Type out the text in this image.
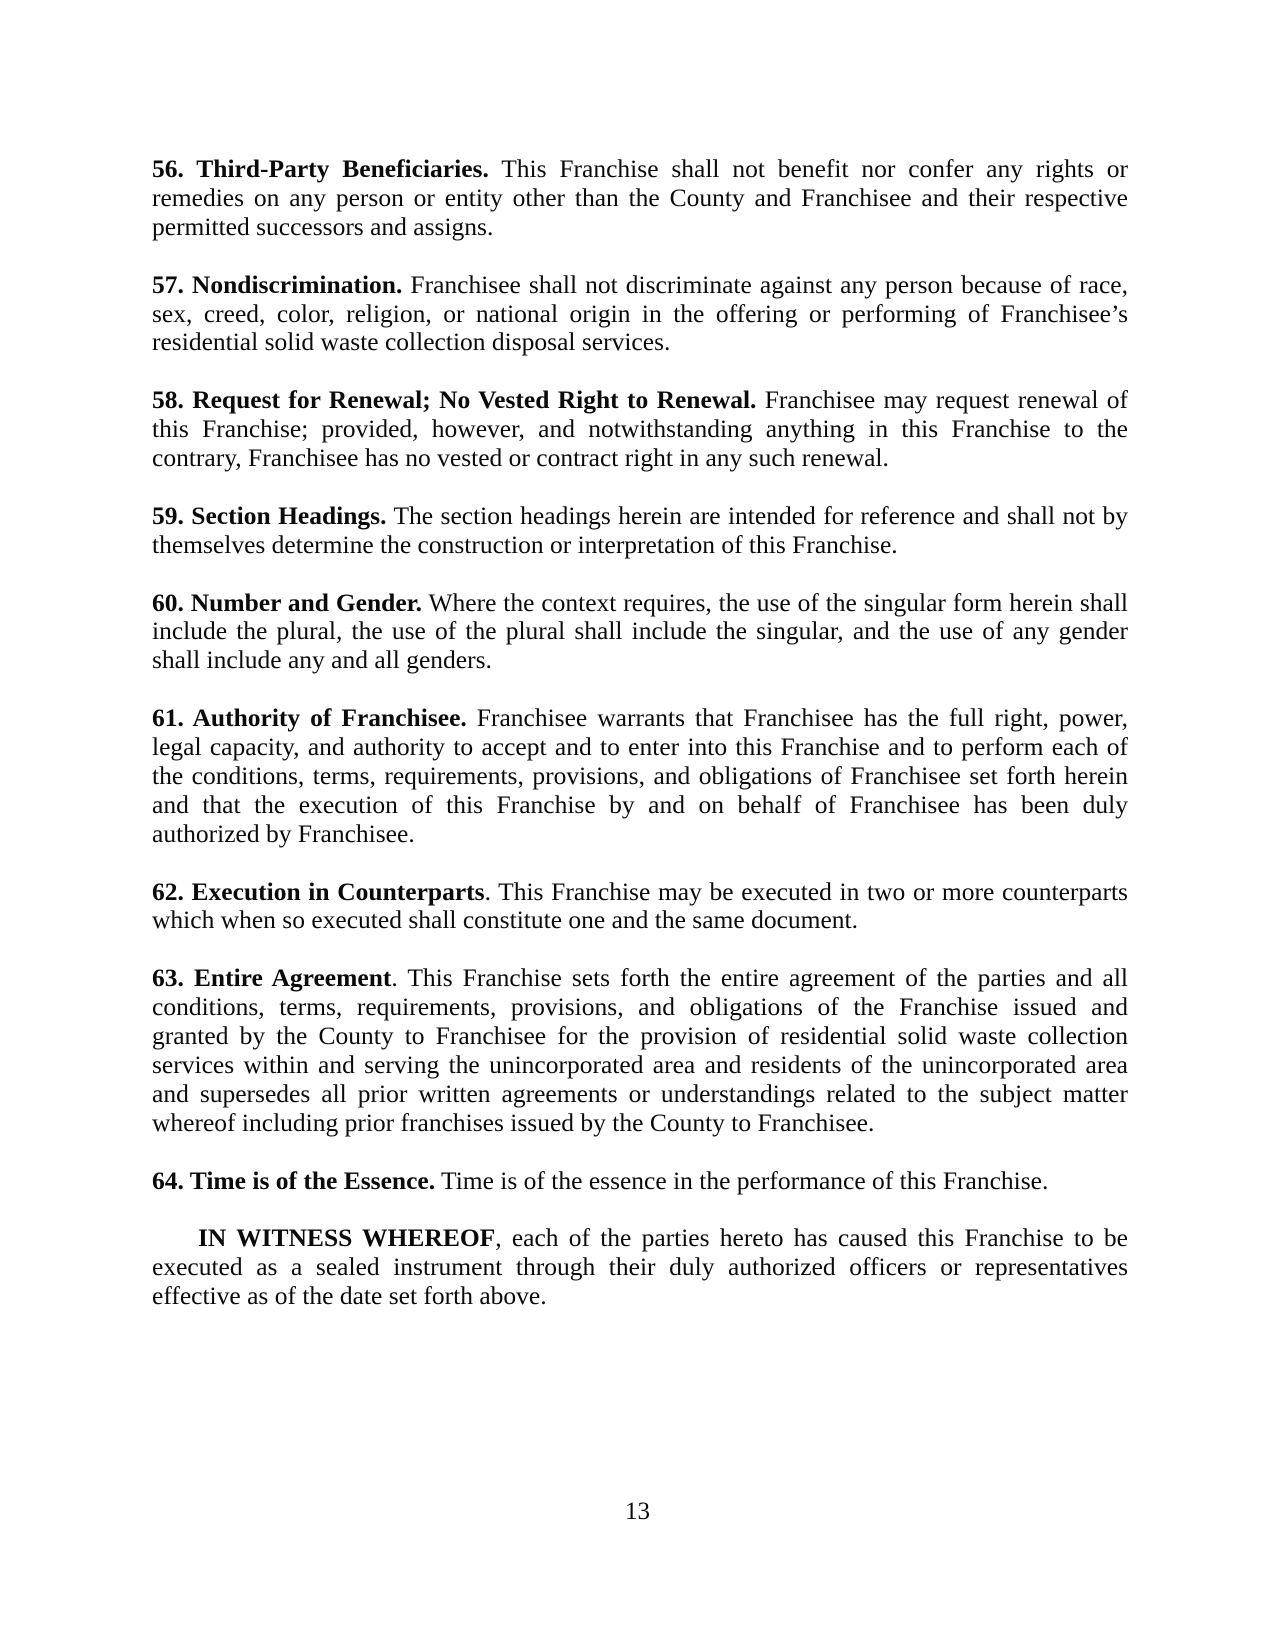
56. Third-Party Beneficiaries. This Franchise shall not benefit nor confer any rights or remedies on any person or entity other than the County and Franchisee and their respective permitted successors and assigns.

57. Nondiscrimination. Franchisee shall not discriminate against any person because of race, sex, creed, color, religion, or national origin in the offering or performing of Franchisee’s residential solid waste collection disposal services.

58. Request for Renewal; No Vested Right to Renewal. Franchisee may request renewal of this Franchise; provided, however, and notwithstanding anything in this Franchise to the contrary, Franchisee has no vested or contract right in any such renewal.

59. Section Headings. The section headings herein are intended for reference and shall not by themselves determine the construction or interpretation of this Franchise.

60. Number and Gender. Where the context requires, the use of the singular form herein shall include the plural, the use of the plural shall include the singular, and the use of any gender shall include any and all genders.

61. Authority of Franchisee. Franchisee warrants that Franchisee has the full right, power, legal capacity, and authority to accept and to enter into this Franchise and to perform each of the conditions, terms, requirements, provisions, and obligations of Franchisee set forth herein and that the execution of this Franchise by and on behalf of Franchisee has been duly authorized by Franchisee.

62. Execution in Counterparts. This Franchise may be executed in two or more counterparts which when so executed shall constitute one and the same document.

63. Entire Agreement. This Franchise sets forth the entire agreement of the parties and all conditions, terms, requirements, provisions, and obligations of the Franchise issued and granted by the County to Franchisee for the provision of residential solid waste collection services within and serving the unincorporated area and residents of the unincorporated area and supersedes all prior written agreements or understandings related to the subject matter whereof including prior franchises issued by the County to Franchisee.

64. Time is of the Essence. Time is of the essence in the performance of this Franchise.

IN WITNESS WHEREOF, each of the parties hereto has caused this Franchise to be executed as a sealed instrument through their duly authorized officers or representatives effective as of the date set forth above.

13
